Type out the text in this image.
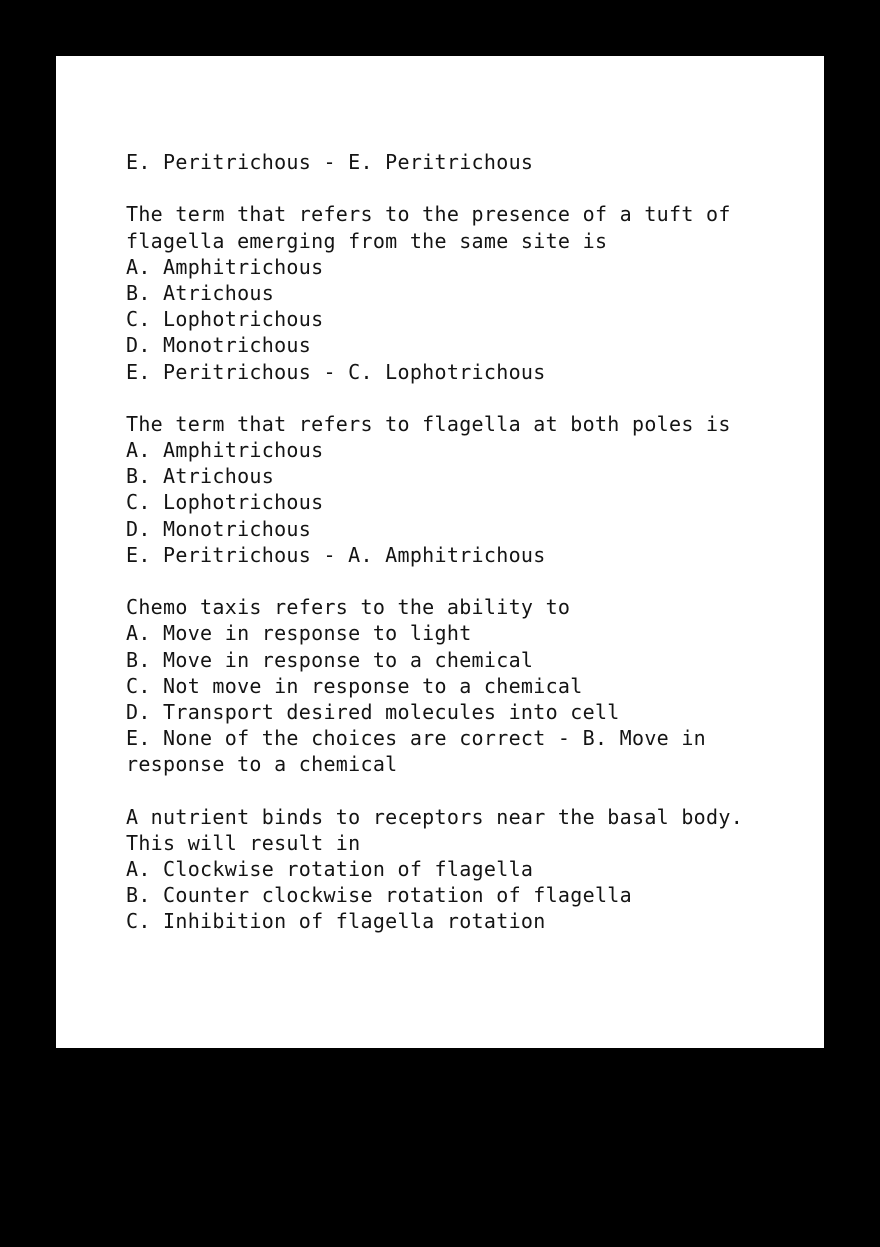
E. Peritrichous - E. Peritrichous
The term that refers to the presence of a tuft of
flagella emerging from the same site is
A. Amphitrichous
B. Atrichous
C. Lophotrichous
D. Monotrichous
E. Peritrichous - C. Lophotrichous
The term that refers to flagella at both poles is
A. Amphitrichous
B. Atrichous
C. Lophotrichous
D. Monotrichous
E. Peritrichous - A. Amphitrichous
Chemo taxis refers to the ability to
A. Move in response to light
B. Move in response to a chemical
C. Not move in response to a chemical
D. Transport desired molecules into cell
E. None of the choices are correct - B. Move in
response to a chemical
A nutrient binds to receptors near the basal body.
This will result in
A. Clockwise rotation of flagella
B. Counter clockwise rotation of flagella
C. Inhibition of flagella rotation
